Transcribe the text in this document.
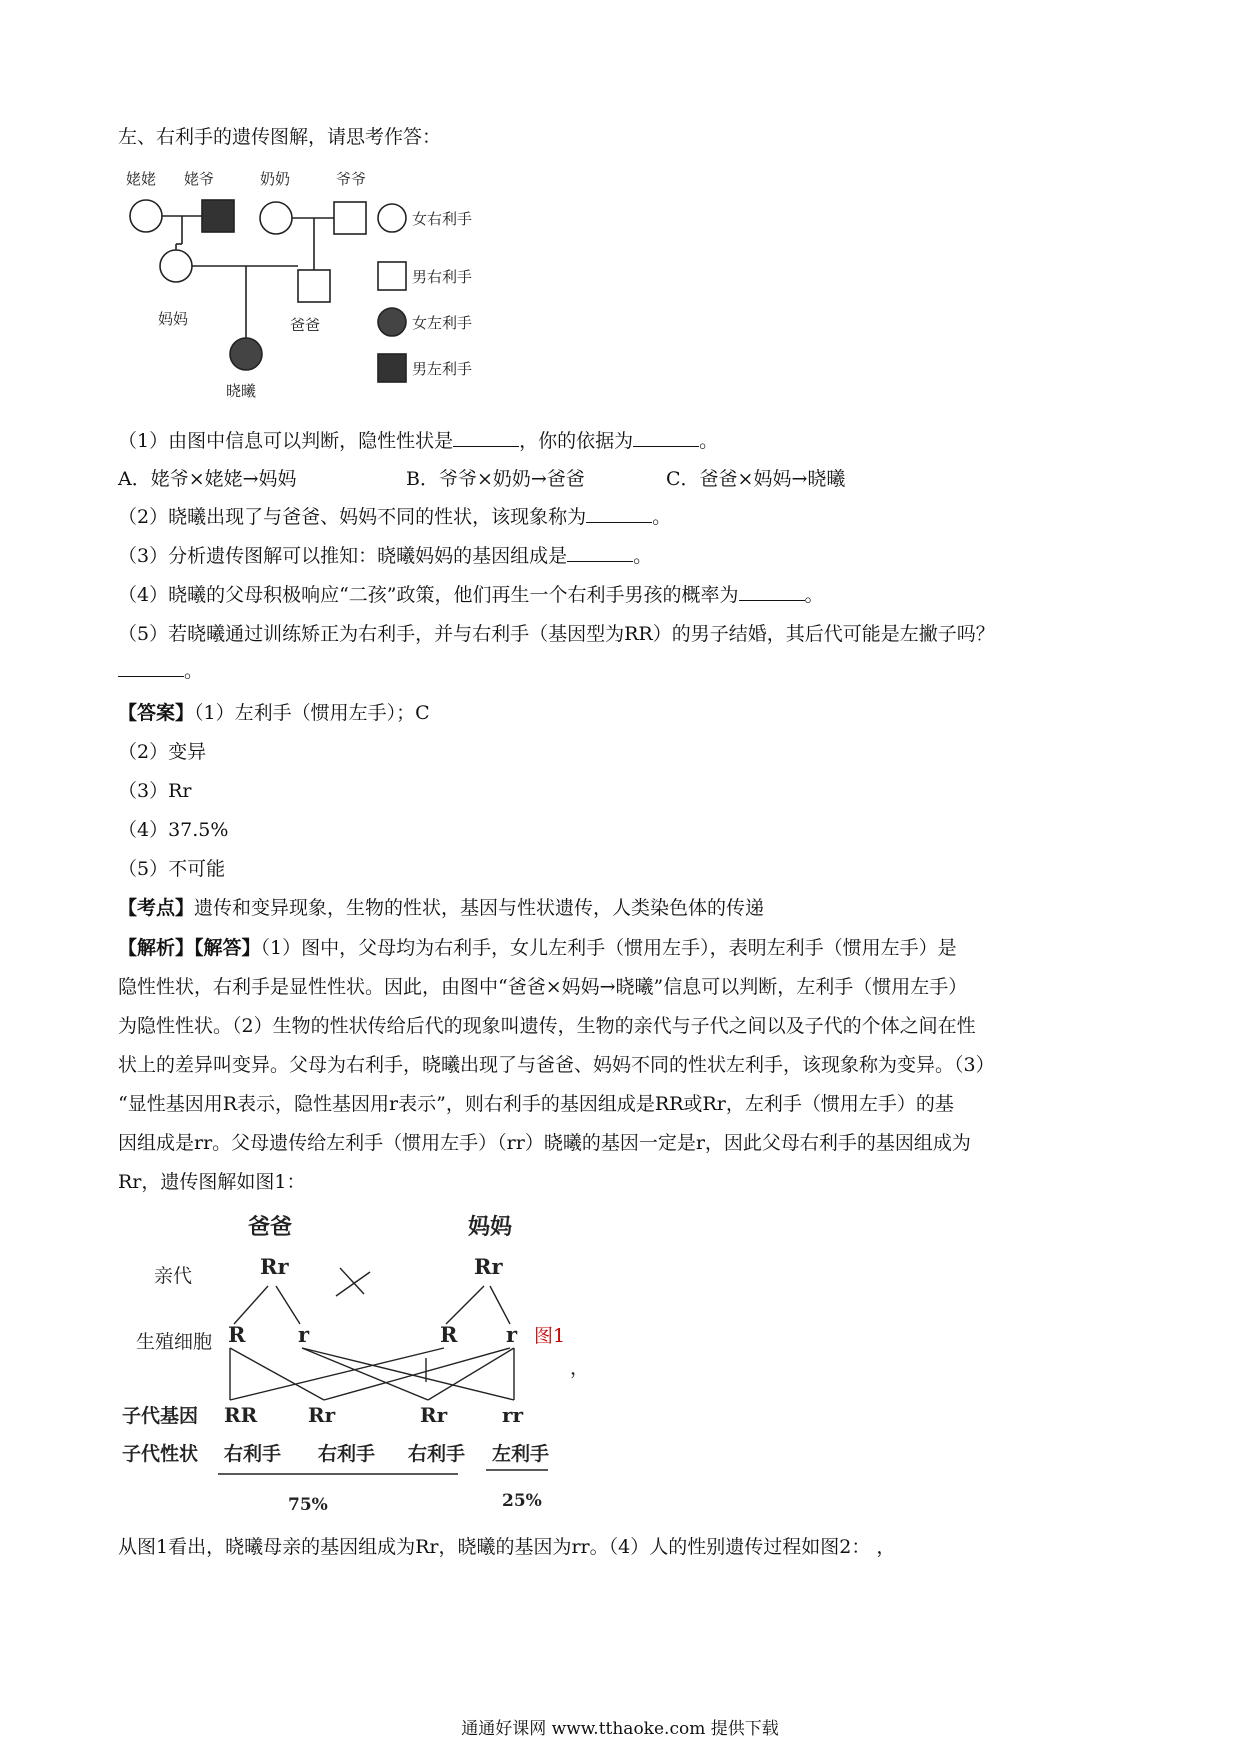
左、右利手的遗传图解，请思考作答：
姥姥 姥爷	奶奶	爷爷
妈妈	爸爸
晓曦
女右利手
男右利手
女左利手
男左利手
（1）由图中信息可以判断，隐性性状是	，你的依据为	。
A．姥爷×姥姥→妈妈	B．爷爷×奶奶→爸爸	C．爸爸×妈妈→晓曦
（2）晓曦出现了与爸爸、妈妈不同的性状，该现象称为	。
（3）分析遗传图解可以推知：晓曦妈妈的基因组成是	。
（4）晓曦的父母积极响应“二孩”政策，他们再生一个右利手男孩的概率为	。
（5）若晓曦通过训练矫正为右利手，并与右利手（基因型为RR）的男子结婚，其后代可能是左撇子吗？
。
【答案】（1）左利手（惯用左手）；C
（2）变异
（3）Rr
（4）37.5%
（5）不可能
【考点】遗传和变异现象，生物的性状，基因与性状遗传，人类染色体的传递
【解析】【解答】（1）图中，父母均为右利手，女儿左利手（惯用左手），表明左利手（惯用左手）是
隐性性状，右利手是显性性状。因此，由图中“爸爸×妈妈→晓曦”信息可以判断，左利手（惯用左手）
为隐性性状。（2）生物的性状传给后代的现象叫遗传，生物的亲代与子代之间以及子代的个体之间在性
状上的差异叫变异。父母为右利手，晓曦出现了与爸爸、妈妈不同的性状左利手，该现象称为变异。（3）
“显性基因用R表示，隐性基因用r表示”，则右利手的基因组成是RR或Rr，左利手（惯用左手）的基
因组成是rr。父母遗传给左利手（惯用左手）（rr）晓曦的基因一定是r，因此父母右利手的基因组成为
Rr，遗传图解如图1：
爸爸	妈妈
亲代	Rr	Rr
生殖细胞 R	r	R r 图1
，
子代基因 RR	Rr	Rr	rr
子代性状 右利手 右利手 右利手 左利手
75%	25%
从图1看出，晓曦母亲的基因组成为Rr，晓曦的基因为rr。（4）人的性别遗传过程如图2： ，
通通好课网 www.tthaoke.com 提供下载
